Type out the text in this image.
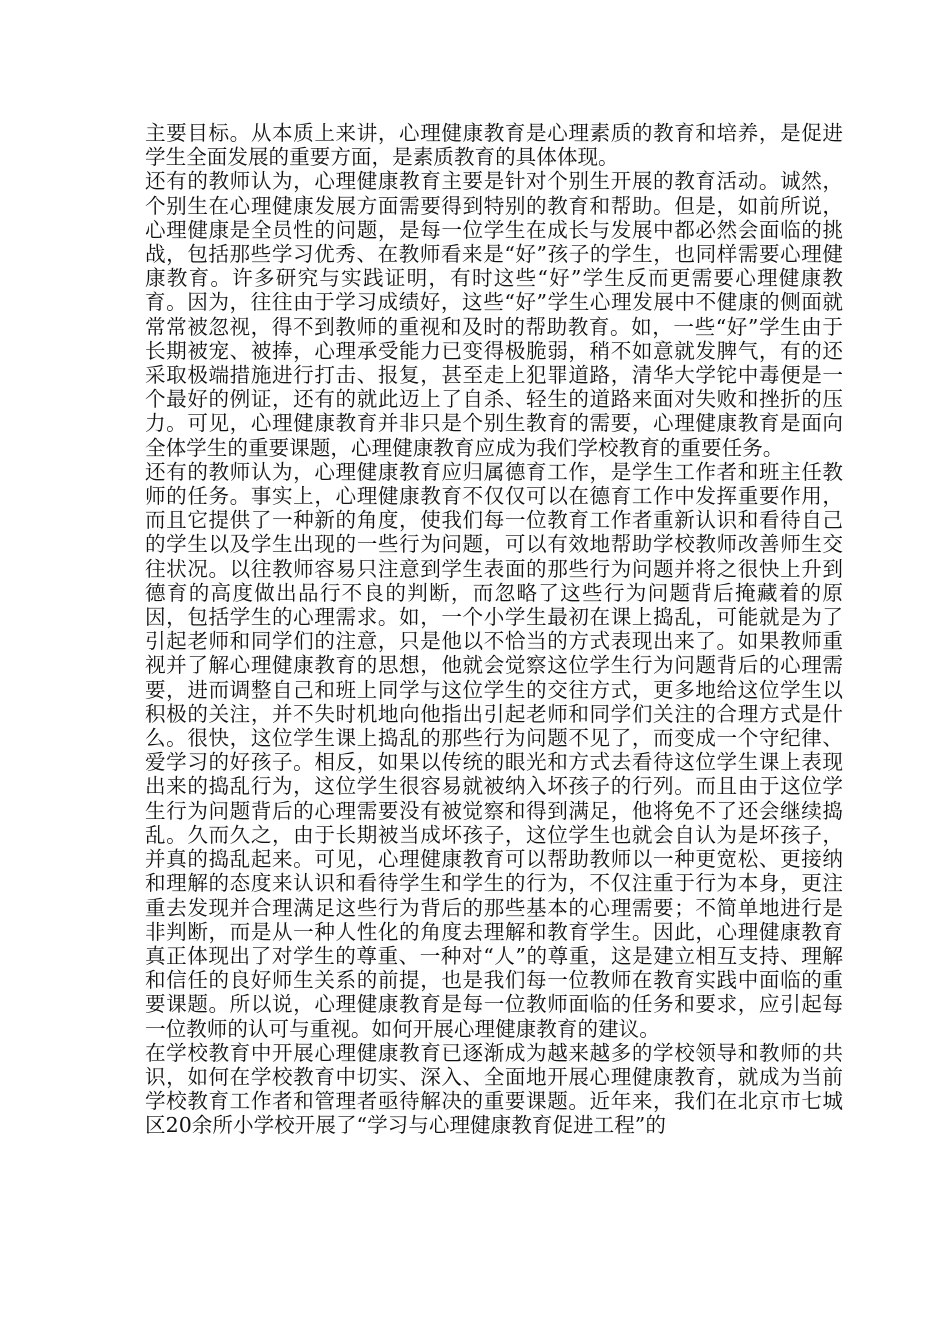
主要目标。从本质上来讲，心理健康教育是心理素质的教育和培养，是促进学生全面发展的重要方面，是素质教育的具体体现。

还有的教师认为，心理健康教育主要是针对个别生开展的教育活动。诚然，个别生在心理健康发展方面需要得到特别的教育和帮助。但是，如前所说，心理健康是全员性的问题，是每一位学生在成长与发展中都必然会面临的挑战，包括那些学习优秀、在教师看来是“好”孩子的学生，也同样需要心理健康教育。许多研究与实践证明，有时这些“好”学生反而更需要心理健康教育。因为，往往由于学习成绩好，这些“好”学生心理发展中不健康的侧面就常常被忽视，得不到教师的重视和及时的帮助教育。如，一些“好”学生由于长期被宠、被捧，心理承受能力已变得极脆弱，稍不如意就发脾气，有的还采取极端措施进行打击、报复，甚至走上犯罪道路，清华大学铊中毒便是一个最好的例证，还有的就此迈上了自杀、轻生的道路来面对失败和挫折的压力。可见，心理健康教育并非只是个别生教育的需要，心理健康教育是面向全体学生的重要课题，心理健康教育应成为我们学校教育的重要任务。

还有的教师认为，心理健康教育应归属德育工作，是学生工作者和班主任教师的任务。事实上，心理健康教育不仅仅可以在德育工作中发挥重要作用，而且它提供了一种新的角度，使我们每一位教育工作者重新认识和看待自己的学生以及学生出现的一些行为问题，可以有效地帮助学校教师改善师生交往状况。以往教师容易只注意到学生表面的那些行为问题并将之很快上升到德育的高度做出品行不良的判断，而忽略了这些行为问题背后掩藏着的原因，包括学生的心理需求。如，一个小学生最初在课上捣乱，可能就是为了引起老师和同学们的注意，只是他以不恰当的方式表现出来了。如果教师重视并了解心理健康教育的思想，他就会觉察这位学生行为问题背后的心理需要，进而调整自己和班上同学与这位学生的交往方式，更多地给这位学生以积极的关注，并不失时机地向他指出引起老师和同学们关注的合理方式是什么。很快，这位学生课上捣乱的那些行为问题不见了，而变成一个守纪律、爱学习的好孩子。相反，如果以传统的眼光和方式去看待这位学生课上表现出来的捣乱行为，这位学生很容易就被纳入坏孩子的行列。而且由于这位学生行为问题背后的心理需要没有被觉察和得到满足，他将免不了还会继续捣乱。久而久之，由于长期被当成坏孩子，这位学生也就会自认为是坏孩子，并真的捣乱起来。可见，心理健康教育可以帮助教师以一种更宽松、更接纳和理解的态度来认识和看待学生和学生的行为，不仅注重于行为本身，更注重去发现并合理满足这些行为背后的那些基本的心理需要；不简单地进行是非判断，而是从一种人性化的角度去理解和教育学生。因此，心理健康教育真正体现出了对学生的尊重、一种对“人”的尊重，这是建立相互支持、理解和信任的良好师生关系的前提，也是我们每一位教师在教育实践中面临的重要课题。所以说，心理健康教育是每一位教师面临的任务和要求，应引起每一位教师的认可与重视。如何开展心理健康教育的建议。

在学校教育中开展心理健康教育已逐渐成为越来越多的学校领导和教师的共识，如何在学校教育中切实、深入、全面地开展心理健康教育，就成为当前学校教育工作者和管理者亟待解决的重要课题。近年来，我们在北京市七城区20余所小学校开展了“学习与心理健康教育促进工程”的
